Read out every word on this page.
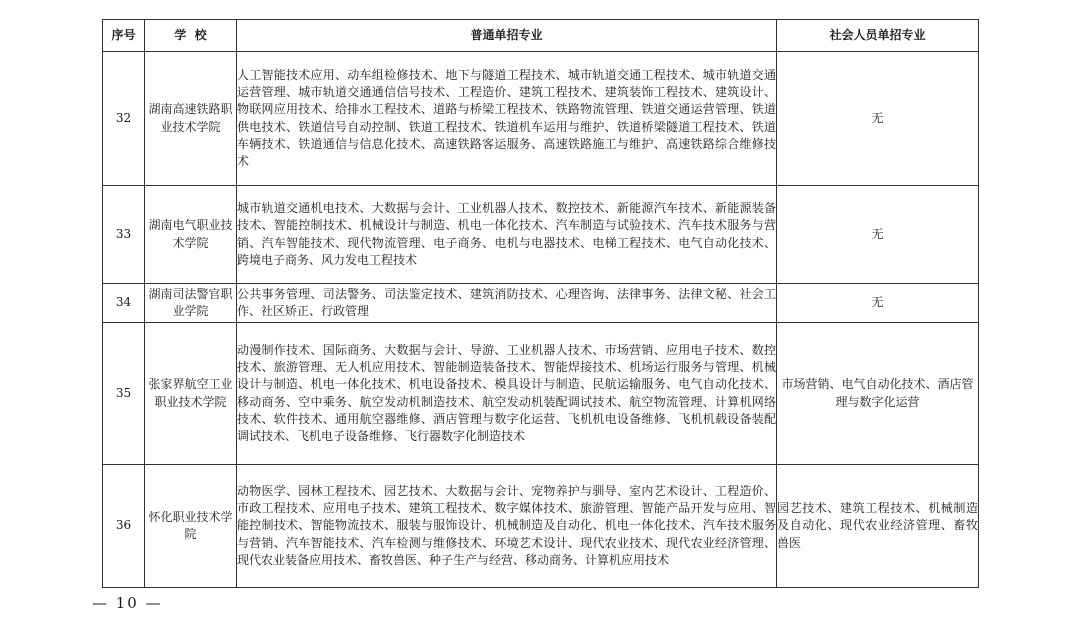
序号	学  校	普通单招专业	社会人员单招专业
32	湖南高速铁路职业技术学院	人工智能技术应用、动车组检修技术、地下与隧道工程技术、城市轨道交通工程技术、城市轨道交通运营管理、城市轨道交通通信信号技术、工程造价、建筑工程技术、建筑装饰工程技术、建筑设计、物联网应用技术、给排水工程技术、道路与桥梁工程技术、铁路物流管理、铁道交通运营管理、铁道供电技术、铁道信号自动控制、铁道工程技术、铁道机车运用与维护、铁道桥梁隧道工程技术、铁道车辆技术、铁道通信与信息化技术、高速铁路客运服务、高速铁路施工与维护、高速铁路综合维修技术	无
33	湖南电气职业技术学院	城市轨道交通机电技术、大数据与会计、工业机器人技术、数控技术、新能源汽车技术、新能源装备技术、智能控制技术、机械设计与制造、机电一体化技术、汽车制造与试验技术、汽车技术服务与营销、汽车智能技术、现代物流管理、电子商务、电机与电器技术、电梯工程技术、电气自动化技术、跨境电子商务、风力发电工程技术	无
34	湖南司法警官职业学院	公共事务管理、司法警务、司法鉴定技术、建筑消防技术、心理咨询、法律事务、法律文秘、社会工作、社区矫正、行政管理	无
35	张家界航空工业职业技术学院	动漫制作技术、国际商务、大数据与会计、导游、工业机器人技术、市场营销、应用电子技术、数控技术、旅游管理、无人机应用技术、智能制造装备技术、智能焊接技术、机场运行服务与管理、机械设计与制造、机电一体化技术、机电设备技术、模具设计与制造、民航运输服务、电气自动化技术、移动商务、空中乘务、航空发动机制造技术、航空发动机装配调试技术、航空物流管理、计算机网络技术、软件技术、通用航空器维修、酒店管理与数字化运营、飞机机电设备维修、飞机机载设备装配调试技术、飞机电子设备维修、飞行器数字化制造技术	市场营销、电气自动化技术、酒店管理与数字化运营
36	怀化职业技术学院	动物医学、园林工程技术、园艺技术、大数据与会计、宠物养护与驯导、室内艺术设计、工程造价、市政工程技术、应用电子技术、建筑工程技术、数字媒体技术、旅游管理、智能产品开发与应用、智能控制技术、智能物流技术、服装与服饰设计、机械制造及自动化、机电一体化技术、汽车技术服务与营销、汽车智能技术、汽车检测与维修技术、环境艺术设计、现代农业技术、现代农业经济管理、现代农业装备应用技术、畜牧兽医、种子生产与经营、移动商务、计算机应用技术	园艺技术、建筑工程技术、机械制造及自动化、现代农业经济管理、畜牧兽医
— 10 —
